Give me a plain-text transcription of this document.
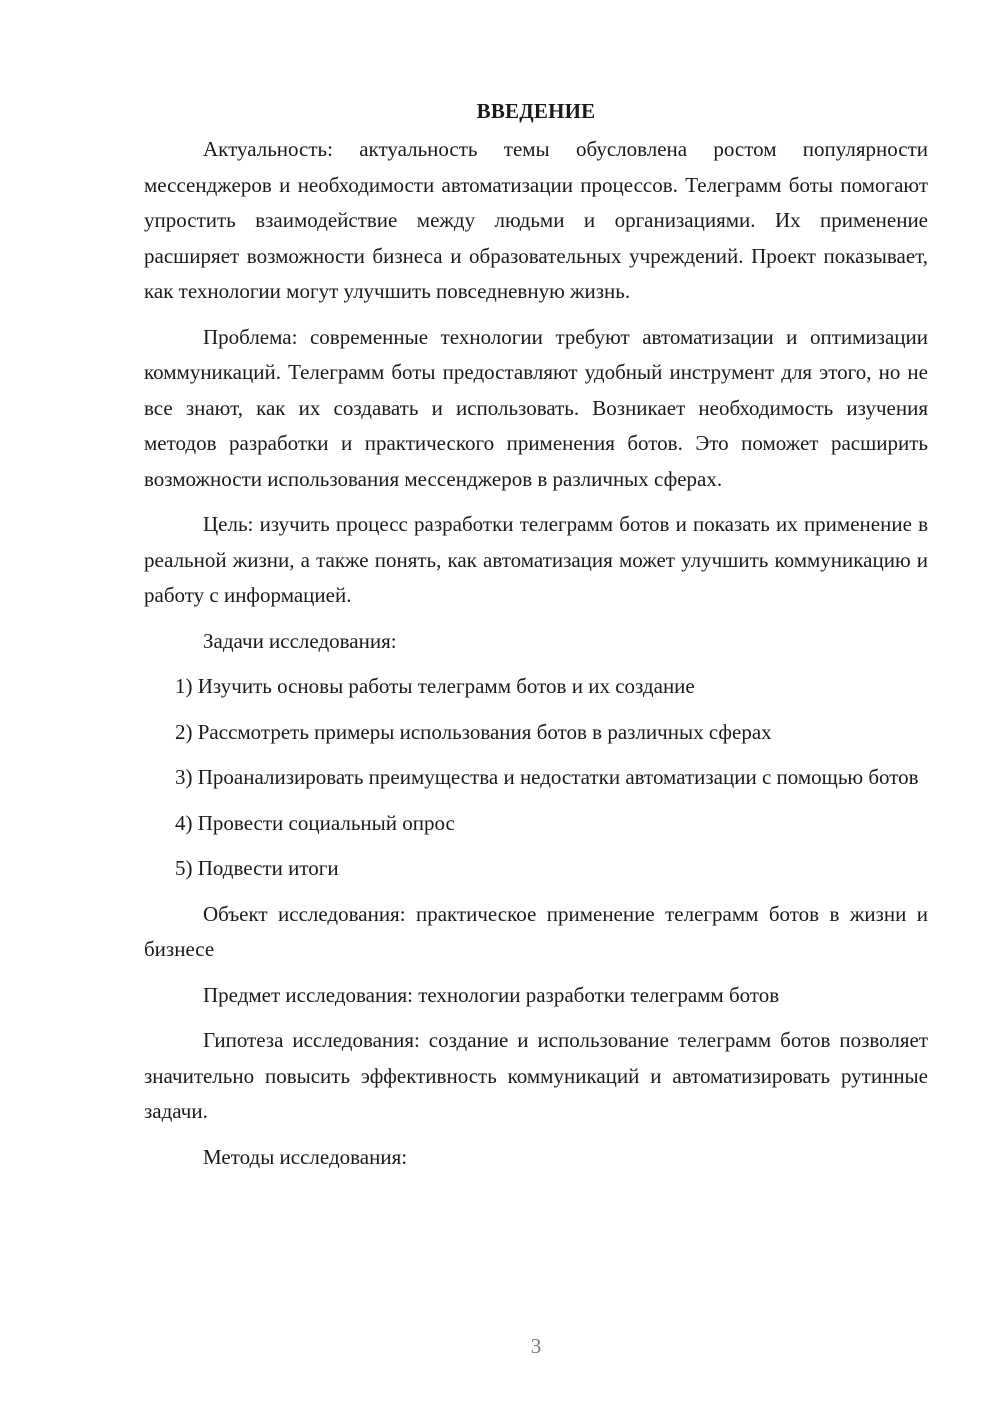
ВВЕДЕНИЕ

Актуальность: актуальность темы обусловлена ростом популярности мессенджеров и необходимости автоматизации процессов. Телеграмм боты помогают упростить взаимодействие между людьми и организациями. Их применение расширяет возможности бизнеса и образовательных учреждений. Проект показывает, как технологии могут улучшить повседневную жизнь.

Проблема: современные технологии требуют автоматизации и оптимизации коммуникаций. Телеграмм боты предоставляют удобный инструмент для этого, но не все знают, как их создавать и использовать. Возникает необходимость изучения методов разработки и практического применения ботов. Это поможет расширить возможности использования мессенджеров в различных сферах.

Цель: изучить процесс разработки телеграмм ботов и показать их применение в реальной жизни, а также понять, как автоматизация может улучшить коммуникацию и работу с информацией.

Задачи исследования:

1) Изучить основы работы телеграмм ботов и их создание

2) Рассмотреть примеры использования ботов в различных сферах

3) Проанализировать преимущества и недостатки автоматизации с помощью ботов

4) Провести социальный опрос

5) Подвести итоги

Объект исследования: практическое применение телеграмм ботов в жизни и бизнесе

Предмет исследования: технологии разработки телеграмм ботов

Гипотеза исследования: создание и использование телеграмм ботов позволяет значительно повысить эффективность коммуникаций и автоматизировать рутинные задачи.

Методы исследования:

3
